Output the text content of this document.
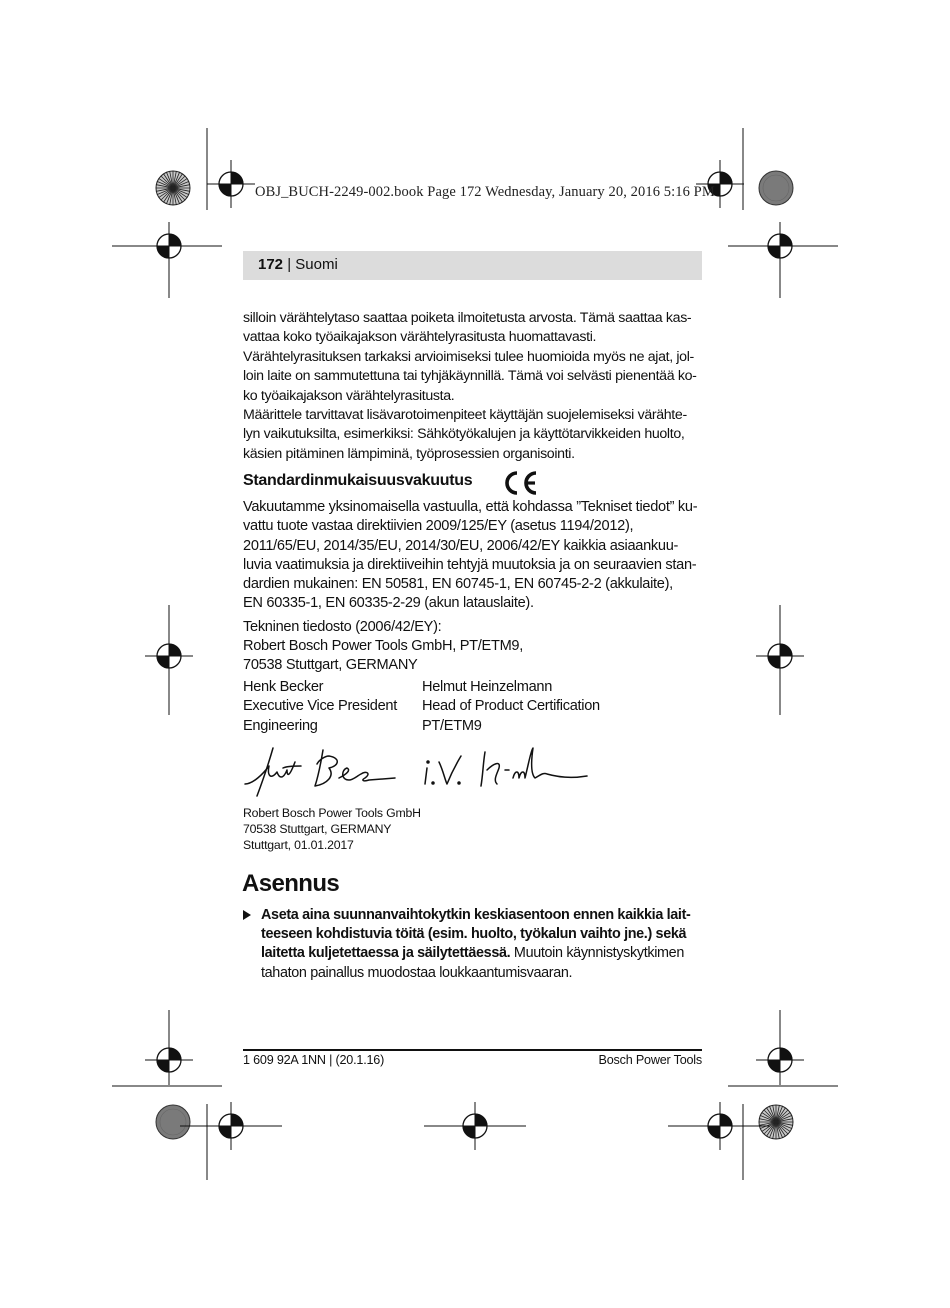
OBJ_BUCH-2249-002.book Page 172 Wednesday, January 20, 2016 5:16 PM
172 | Suomi
silloin värähtelytaso saattaa poiketa ilmoitetusta arvosta. Tämä saattaa kas-
vattaa koko työaikajakson värähtelyrasitusta huomattavasti.
Värähtelyrasituksen tarkaksi arvioimiseksi tulee huomioida myös ne ajat, jol-
loin laite on sammutettuna tai tyhjäkäynnillä. Tämä voi selvästi pienentää ko-
ko työaikajakson värähtelyrasitusta.
Määrittele tarvittavat lisävarotoimenpiteet käyttäjän suojelemiseksi värähte-
lyn vaikutuksilta, esimerkiksi: Sähkötyökalujen ja käyttötarvikkeiden huolto,
käsien pitäminen lämpiminä, työprosessien organisointi.
Standardinmukaisuusvakuutus
Vakuutamme yksinomaisella vastuulla, että kohdassa ”Tekniset tiedot” ku-
vattu tuote vastaa direktiivien 2009/125/EY (asetus 1194/2012),
2011/65/EU, 2014/35/EU, 2014/30/EU, 2006/42/EY kaikkia asiaankuu-
luvia vaatimuksia ja direktiiveihin tehtyjä muutoksia ja on seuraavien stan-
dardien mukainen: EN 50581, EN 60745-1, EN 60745-2-2 (akkulaite),
EN 60335-1, EN 60335-2-29 (akun latauslaite).
Tekninen tiedosto (2006/42/EY):
Robert Bosch Power Tools GmbH, PT/ETM9,
70538 Stuttgart, GERMANY
Henk Becker
Executive Vice President
Engineering
Helmut Heinzelmann
Head of Product Certification
PT/ETM9
Robert Bosch Power Tools GmbH
70538 Stuttgart, GERMANY
Stuttgart, 01.01.2017
Asennus
Aseta aina suunnanvaihtokytkin keskiasentoon ennen kaikkia laitteeseen kohdistuvia töitä (esim. huolto, työkalun vaihto jne.) sekä laitetta kuljetettaessa ja säilytettäessä. Muutoin käynnistyskytkimen tahaton painallus muodostaa loukkaantumisvaaran.
1 609 92A 1NN | (20.1.16)	Bosch Power Tools
